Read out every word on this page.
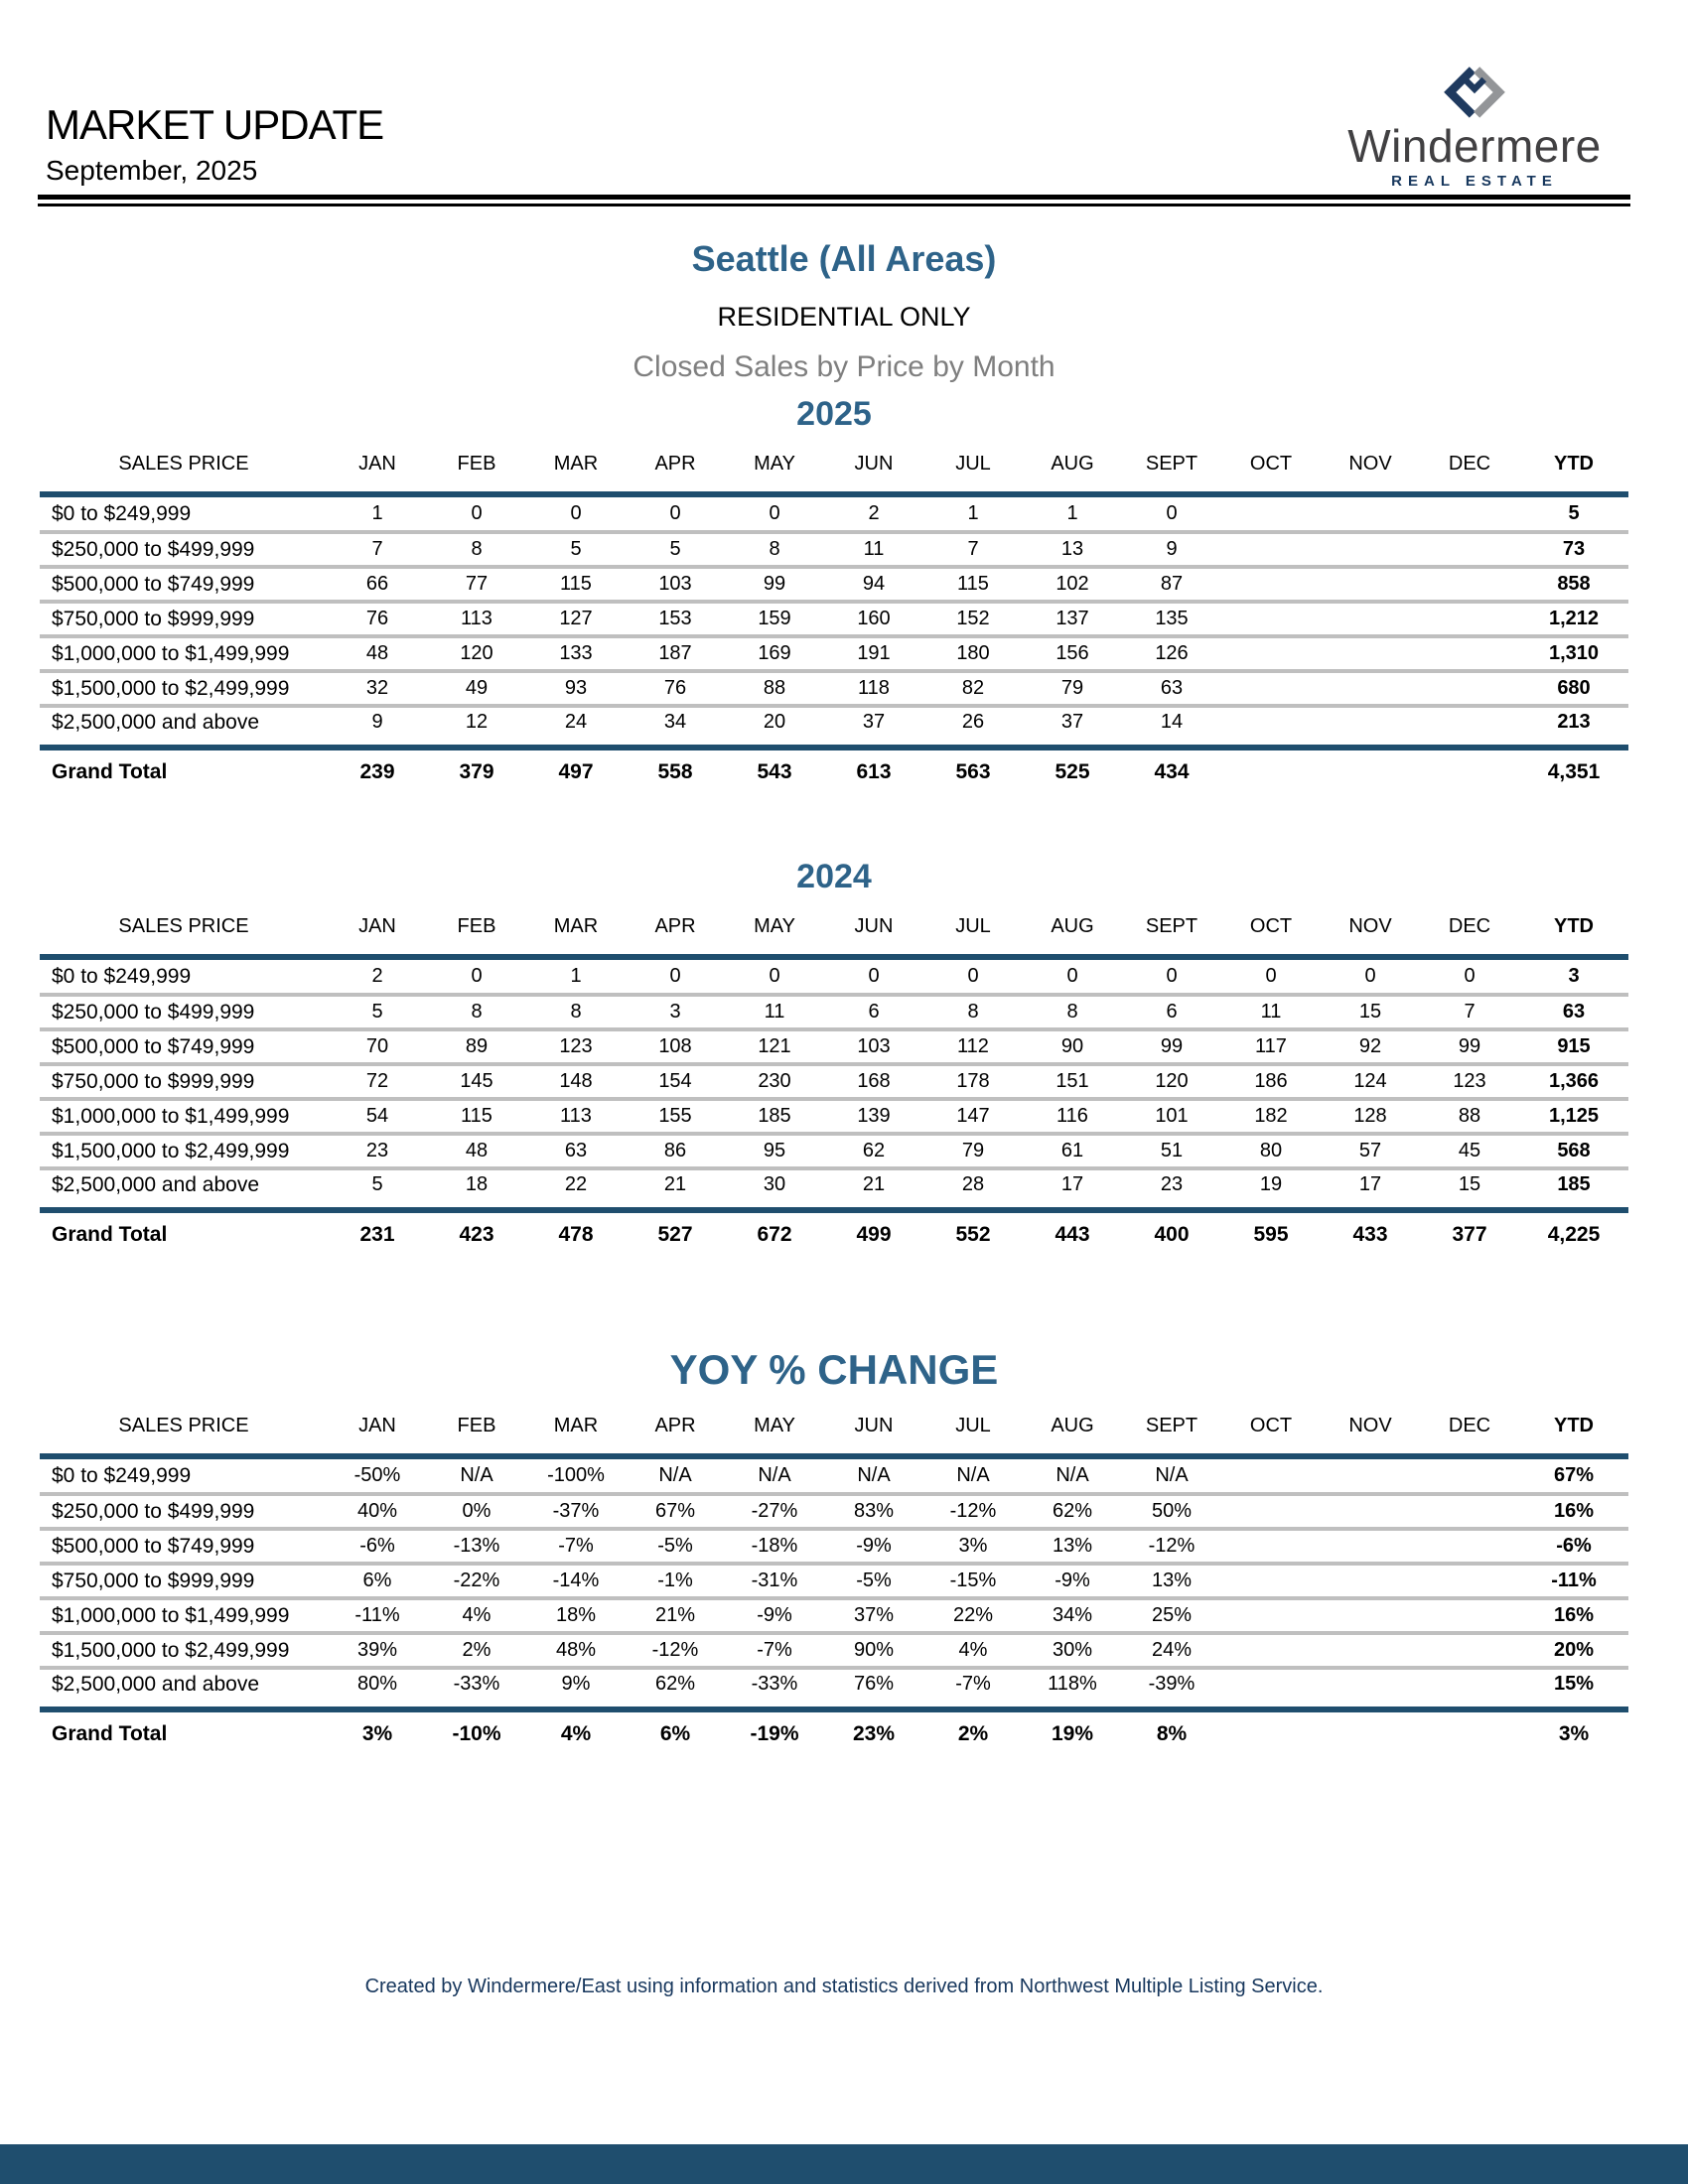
MARKET UPDATE
September, 2025	Windermere
REAL ESTATE
Seattle (All Areas)
RESIDENTIAL ONLY
Closed Sales by Price by Month
2025
SALES PRICE	JAN	FEB	MAR	APR	MAY	JUN	JUL	AUG	SEPT	OCT	NOV	DEC	YTD

$0 to $249,999	1	0	0	0	0	2	1	1	0				5
$250,000 to $499,999	7	8	5	5	8	11	7	13	9				73
$500,000 to $749,999	66	77	115	103	99	94	115	102	87				858
$750,000 to $999,999	76	113	127	153	159	160	152	137	135				1,212
$1,000,000 to $1,499,999	48	120	133	187	169	191	180	156	126				1,310
$1,500,000 to $2,499,999	32	49	93	76	88	118	82	79	63				680
$2,500,000 and above	9	12	24	34	20	37	26	37	14				213

Grand Total	239	379	497	558	543	613	563	525	434				4,351
2024
SALES PRICE	JAN	FEB	MAR	APR	MAY	JUN	JUL	AUG	SEPT	OCT	NOV	DEC	YTD

$0 to $249,999	2	0	1	0	0	0	0	0	0	0	0	0	3
$250,000 to $499,999	5	8	8	3	11	6	8	8	6	11	15	7	63
$500,000 to $749,999	70	89	123	108	121	103	112	90	99	117	92	99	915
$750,000 to $999,999	72	145	148	154	230	168	178	151	120	186	124	123	1,366
$1,000,000 to $1,499,999	54	115	113	155	185	139	147	116	101	182	128	88	1,125
$1,500,000 to $2,499,999	23	48	63	86	95	62	79	61	51	80	57	45	568
$2,500,000 and above	5	18	22	21	30	21	28	17	23	19	17	15	185

Grand Total	231	423	478	527	672	499	552	443	400	595	433	377	4,225
YOY % CHANGE
SALES PRICE	JAN	FEB	MAR	APR	MAY	JUN	JUL	AUG	SEPT	OCT	NOV	DEC	YTD

$0 to $249,999	-50%	N/A	-100%	N/A	N/A	N/A	N/A	N/A	N/A				67%
$250,000 to $499,999	40%	0%	-37%	67%	-27%	83%	-12%	62%	50%				16%
$500,000 to $749,999	-6%	-13%	-7%	-5%	-18%	-9%	3%	13%	-12%				-6%
$750,000 to $999,999	6%	-22%	-14%	-1%	-31%	-5%	-15%	-9%	13%				-11%
$1,000,000 to $1,499,999	-11%	4%	18%	21%	-9%	37%	22%	34%	25%				16%
$1,500,000 to $2,499,999	39%	2%	48%	-12%	-7%	90%	4%	30%	24%				20%
$2,500,000 and above	80%	-33%	9%	62%	-33%	76%	-7%	118%	-39%				15%

Grand Total	3%	-10%	4%	6%	-19%	23%	2%	19%	8%				3%
Created by Windermere/East using information and statistics derived from Northwest Multiple Listing Service.
